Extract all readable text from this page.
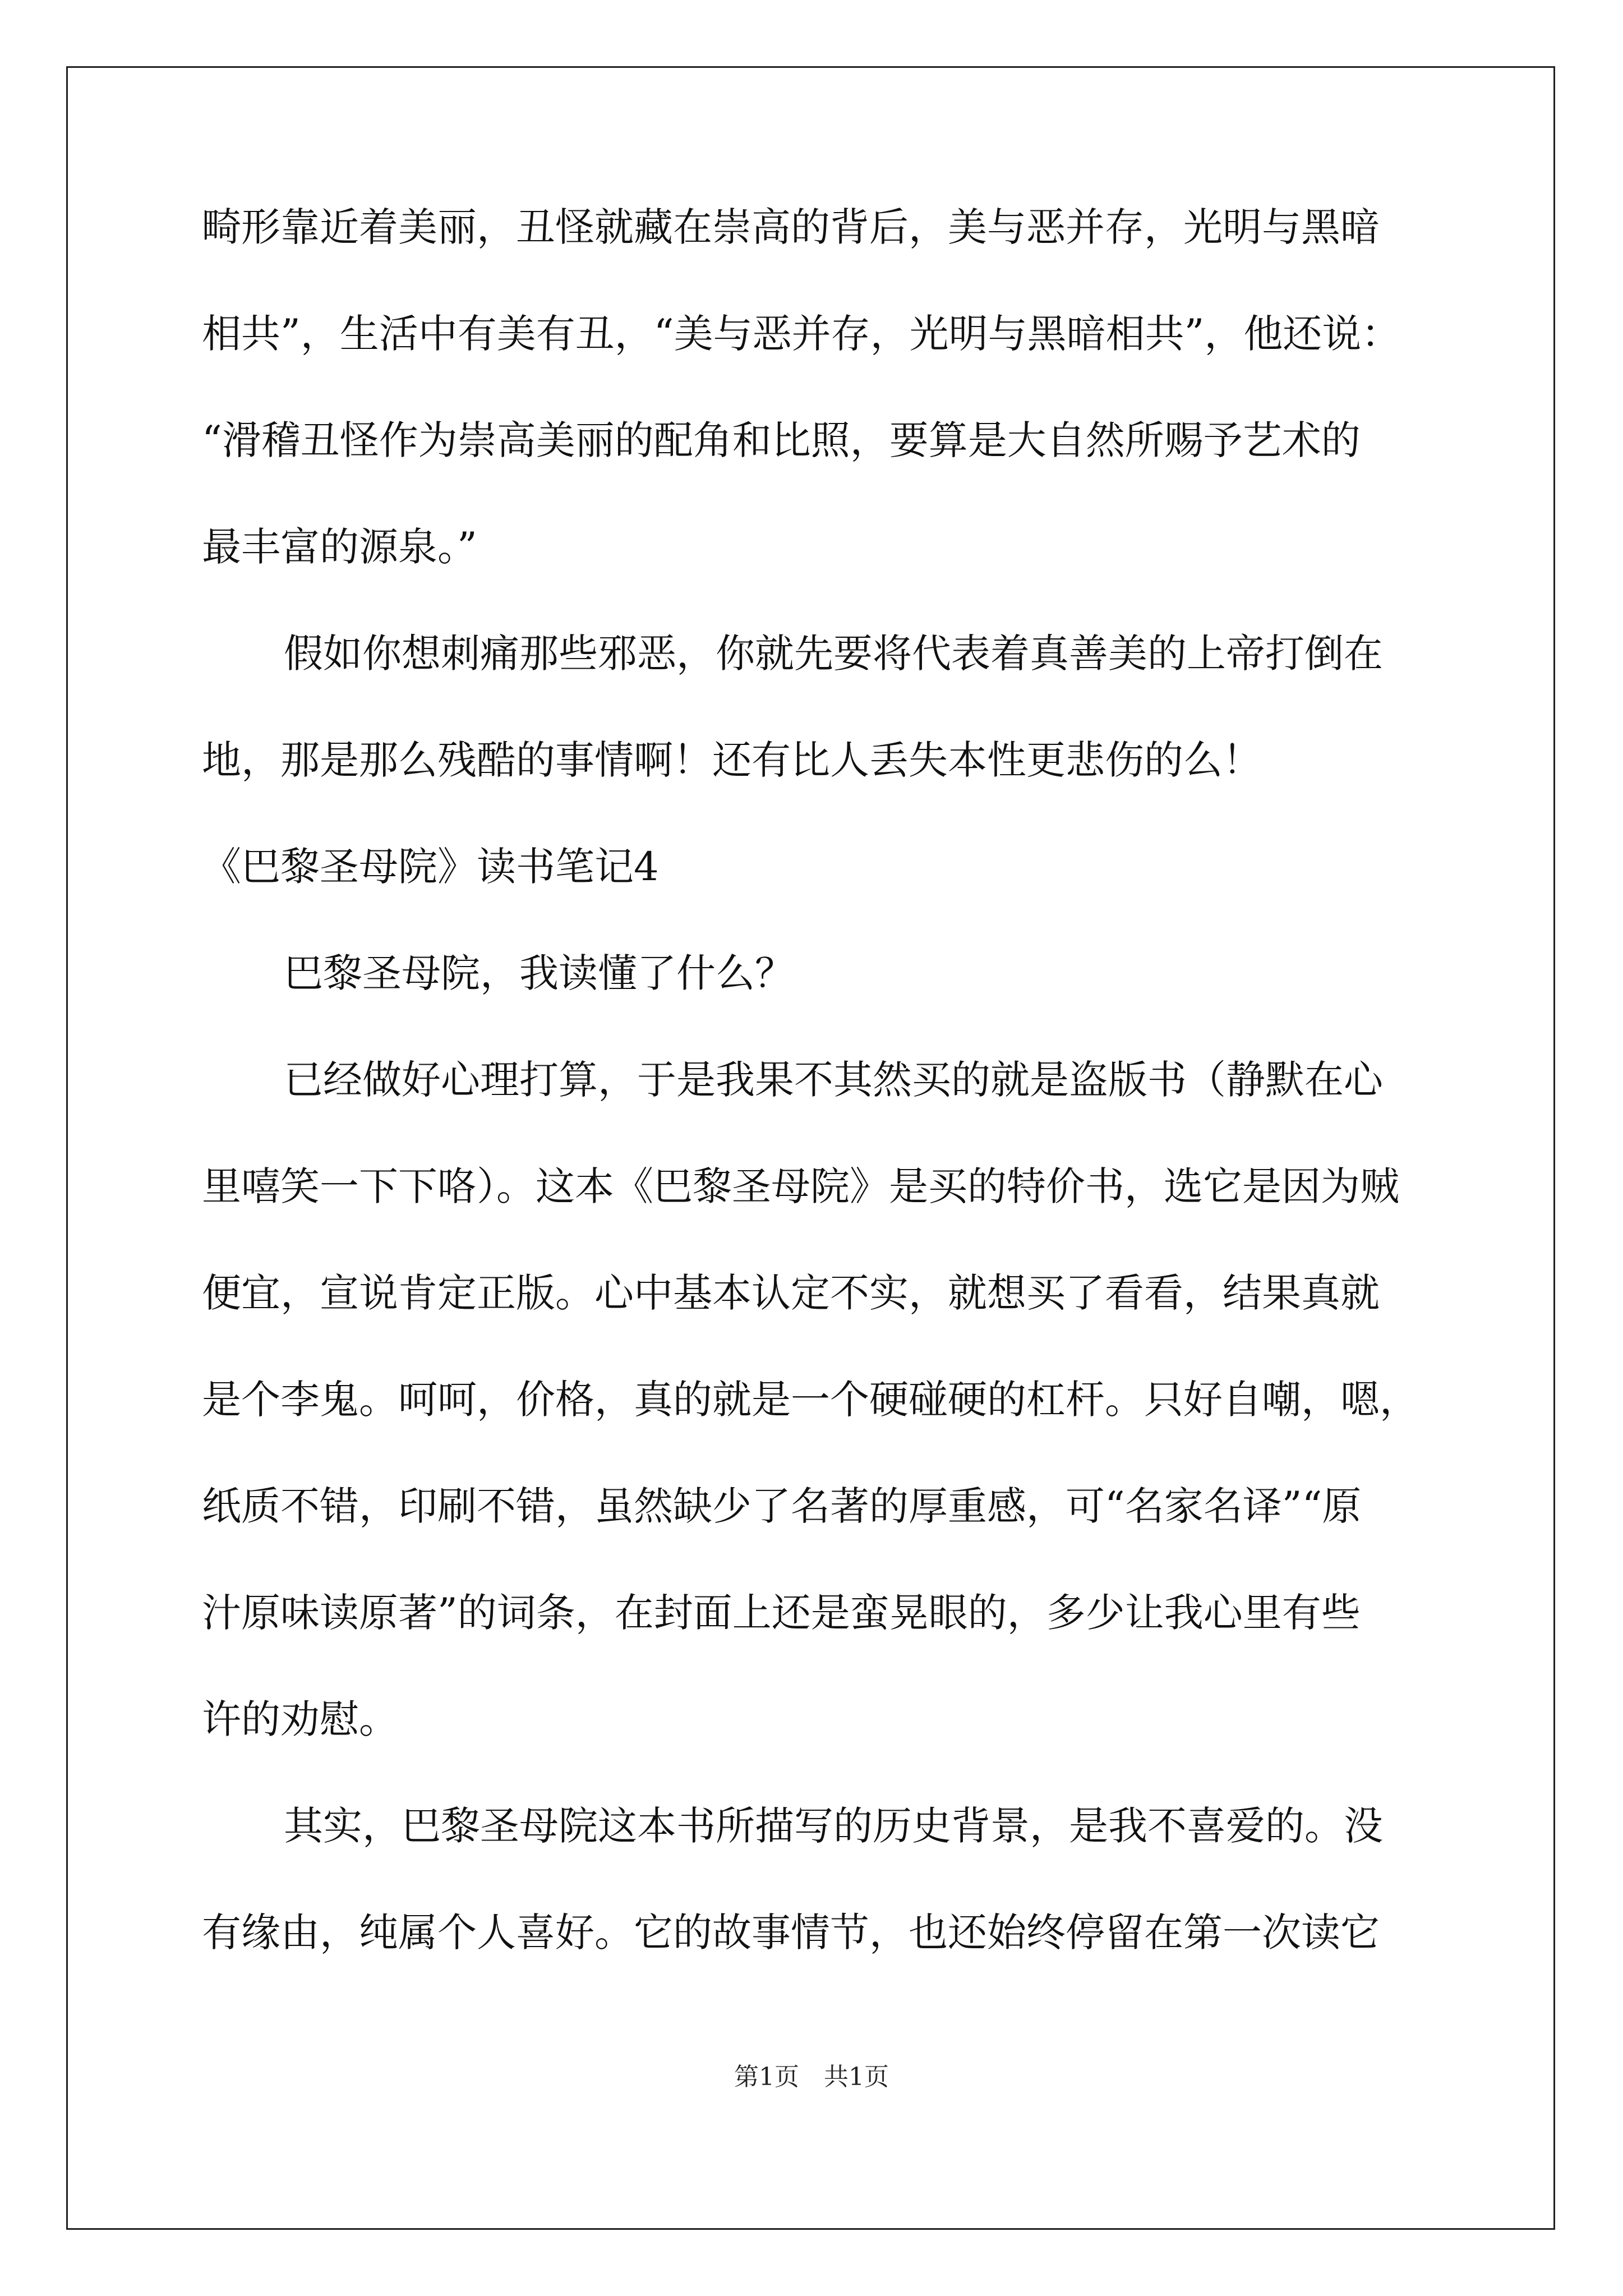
畸形靠近着美丽，丑怪就藏在崇高的背后，美与恶并存，光明与黑暗
相共”，生活中有美有丑，“美与恶并存，光明与黑暗相共”，他还说：
“滑稽丑怪作为崇高美丽的配角和比照，要算是大自然所赐予艺术的
最丰富的源泉。”
假如你想刺痛那些邪恶，你就先要将代表着真善美的上帝打倒在
地，那是那么残酷的事情啊！还有比人丢失本性更悲伤的么！
《巴黎圣母院》读书笔记4
巴黎圣母院，我读懂了什么？
已经做好心理打算，于是我果不其然买的就是盗版书（静默在心
里嘻笑一下下咯）。这本《巴黎圣母院》是买的特价书，选它是因为贼
便宜，宣说肯定正版。心中基本认定不实，就想买了看看，结果真就
是个李鬼。呵呵，价格，真的就是一个硬碰硬的杠杆。只好自嘲，嗯，
纸质不错，印刷不错，虽然缺少了名著的厚重感，可“名家名译”“原
汁原味读原著”的词条，在封面上还是蛮晃眼的，多少让我心里有些
许的劝慰。
其实，巴黎圣母院这本书所描写的历史背景，是我不喜爱的。没
有缘由，纯属个人喜好。它的故事情节，也还始终停留在第一次读它
第1页　共1页
